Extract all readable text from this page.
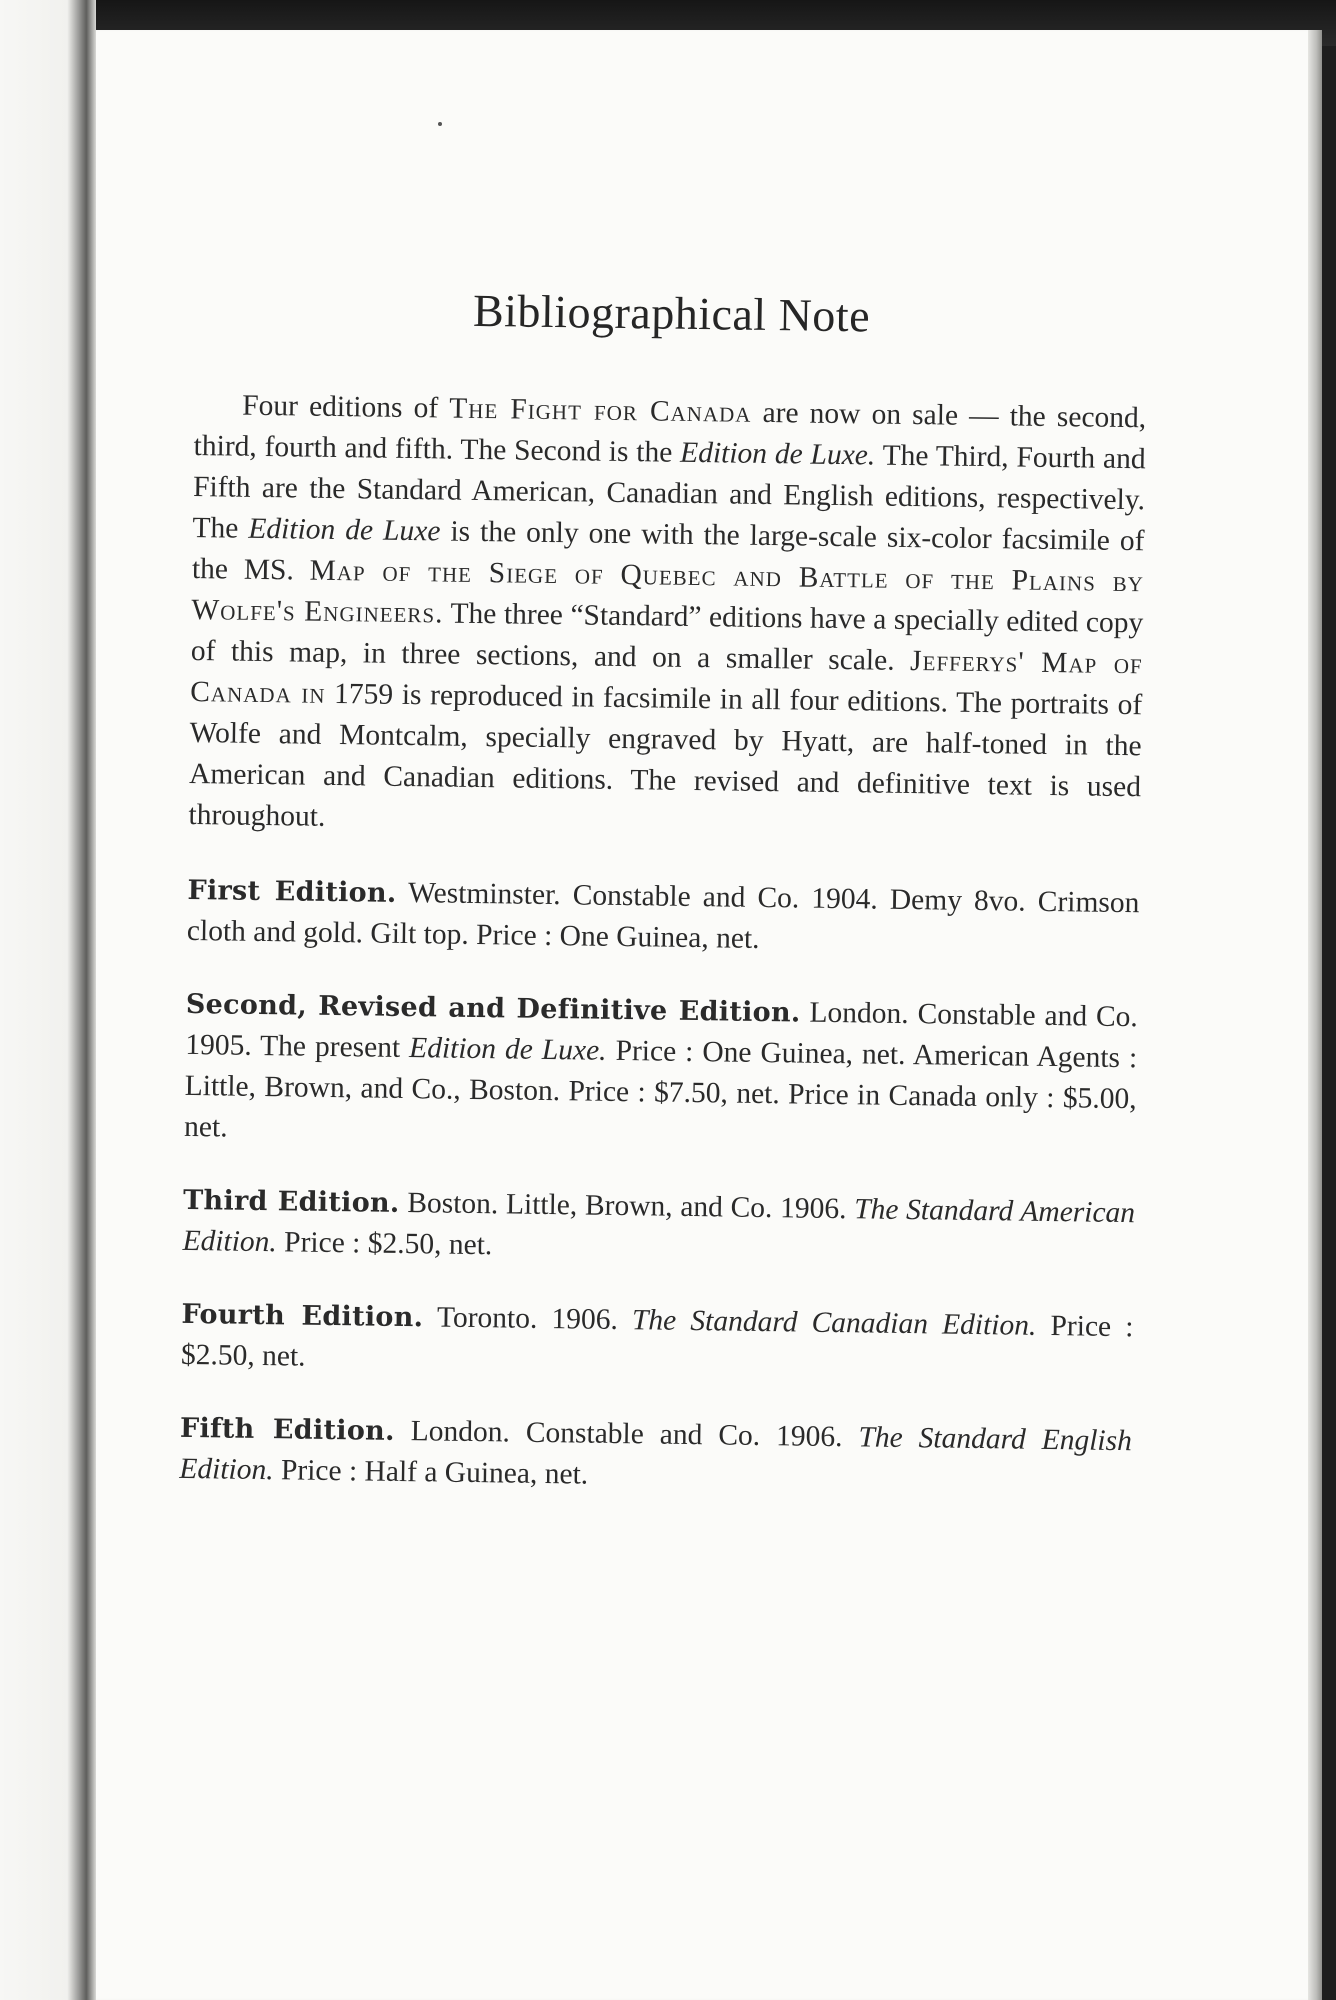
Bibliographical Note

Four editions of The Fight for Canada are now on sale — the second, third, fourth and fifth. The Second is the Edition de Luxe. The Third, Fourth and Fifth are the Standard American, Canadian and English editions, respectively. The Edition de Luxe is the only one with the large-scale six-color facsimile of the MS. Map of the Siege of Quebec and Battle of the Plains by Wolfe's Engineers. The three “Standard” editions have a specially edited copy of this map, in three sections, and on a smaller scale. Jefferys' Map of Canada in 1759 is reproduced in facsimile in all four editions. The portraits of Wolfe and Montcalm, specially engraved by Hyatt, are half-toned in the American and Canadian editions. The revised and definitive text is used throughout.

First Edition. Westminster. Constable and Co. 1904. Demy 8vo. Crimson cloth and gold. Gilt top. Price : One Guinea, net.

Second, Revised and Definitive Edition. London. Constable and Co. 1905. The present Edition de Luxe. Price : One Guinea, net. American Agents : Little, Brown, and Co., Boston. Price : $7.50, net. Price in Canada only : $5.00, net.

Third Edition. Boston. Little, Brown, and Co. 1906. The Standard American Edition. Price : $2.50, net.

Fourth Edition. Toronto. 1906. The Standard Canadian Edition. Price : $2.50, net.

Fifth Edition. London. Constable and Co. 1906. The Standard English Edition. Price : Half a Guinea, net.
